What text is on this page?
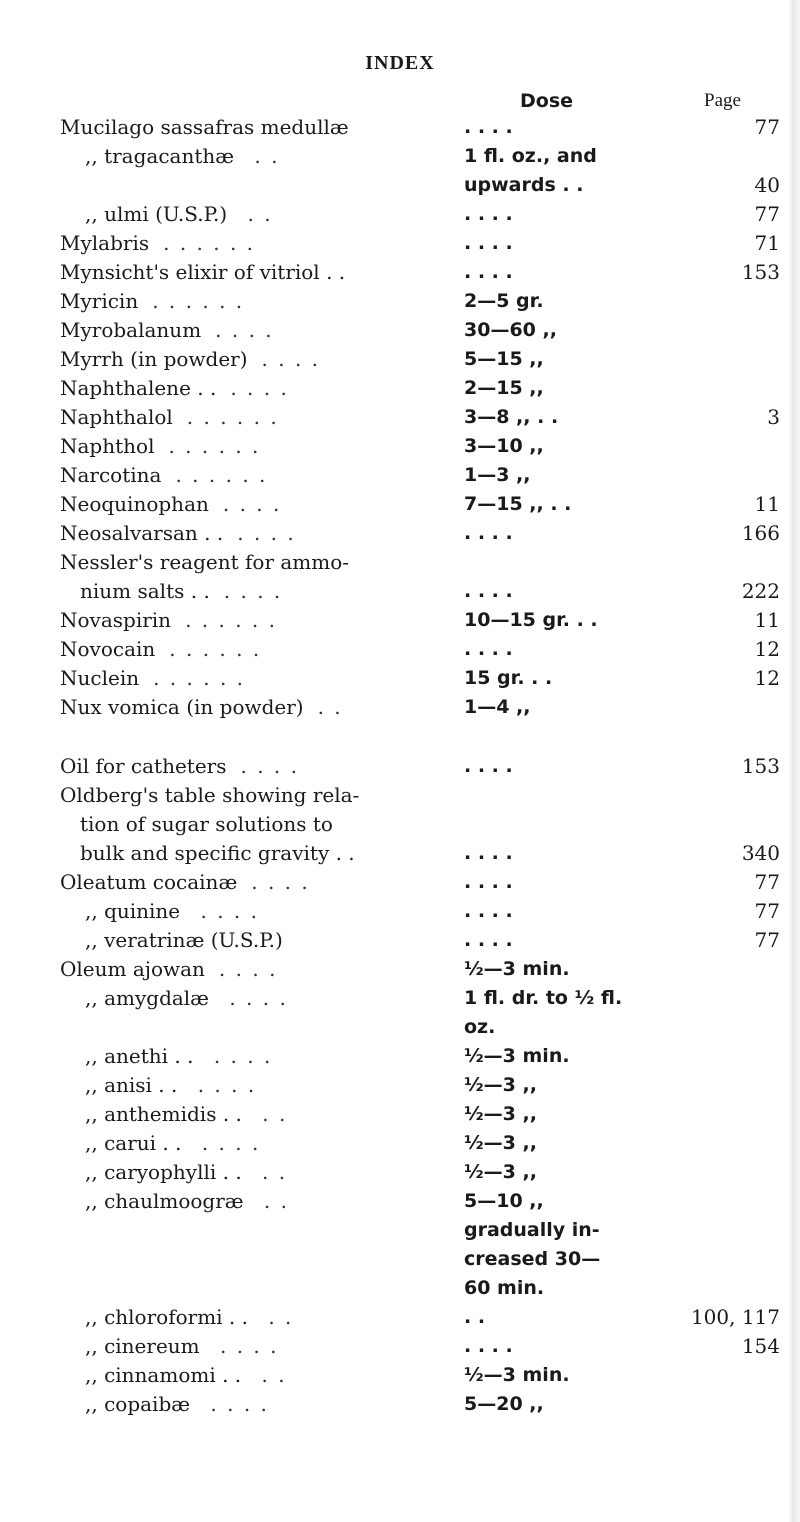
INDEX
Dose	Page
Mucilago sassafras medullæ	. . . .	77
,, tragacanthæ . .	1 fl. oz., and
upwards . .	40
,, ulmi (U.S.P.) . .	. . . .	77
Mylabris . . . . . .	. . . .	71
Mynsicht's elixir of vitriol . .	. . . .	153
Myricin . . . . . .	2—5 gr.
Myrobalanum . . . .	30—60 ,,
Myrrh (in powder) . . . .	5—15 ,,
Naphthalene . . . . . .	2—15 ,,
Naphthalol . . . . . .	3—8 ,, . .	3
Naphthol . . . . . .	3—10 ,,
Narcotina . . . . . .	1—3 ,,
Neoquinophan . . . .	7—15 ,, . .	11
Neosalvarsan . . . . . .	. . . .	166
Nessler's reagent for ammo-
nium salts . . . . . .	. . . .	222
Novaspirin . . . . . .	10—15 gr. . .	11
Novocain . . . . . .	. . . .	12
Nuclein . . . . . .	15 gr. . .	12
Nux vomica (in powder) . .	1—4 ,,
Oil for catheters . . . .	. . . .	153
Oldberg's table showing rela-
tion of sugar solutions to
bulk and specific gravity . .	. . . .	340
Oleatum cocainæ . . . .	. . . .	77
,, quinine . . . .	. . . .	77
,, veratrinæ (U.S.P.)	. . . .	77
Oleum ajowan . . . .	½—3 min.
,, amygdalæ . . . .	1 fl. dr. to ½ fl.
oz.
,, anethi . . . . . .	½—3 min.
,, anisi . . . . . .	½—3 ,,
,, anthemidis . . . .	½—3 ,,
,, carui . . . . . .	½—3 ,,
,, caryophylli . . . .	½—3 ,,
,, chaulmoogræ . .	5—10 ,,
gradually in-
creased 30—
60 min.
,, chloroformi . . . .	. .	100, 117
,, cinereum . . . .	. . . .	154
,, cinnamomi . . . .	½—3 min.
,, copaibæ . . . .	5—20 ,,
